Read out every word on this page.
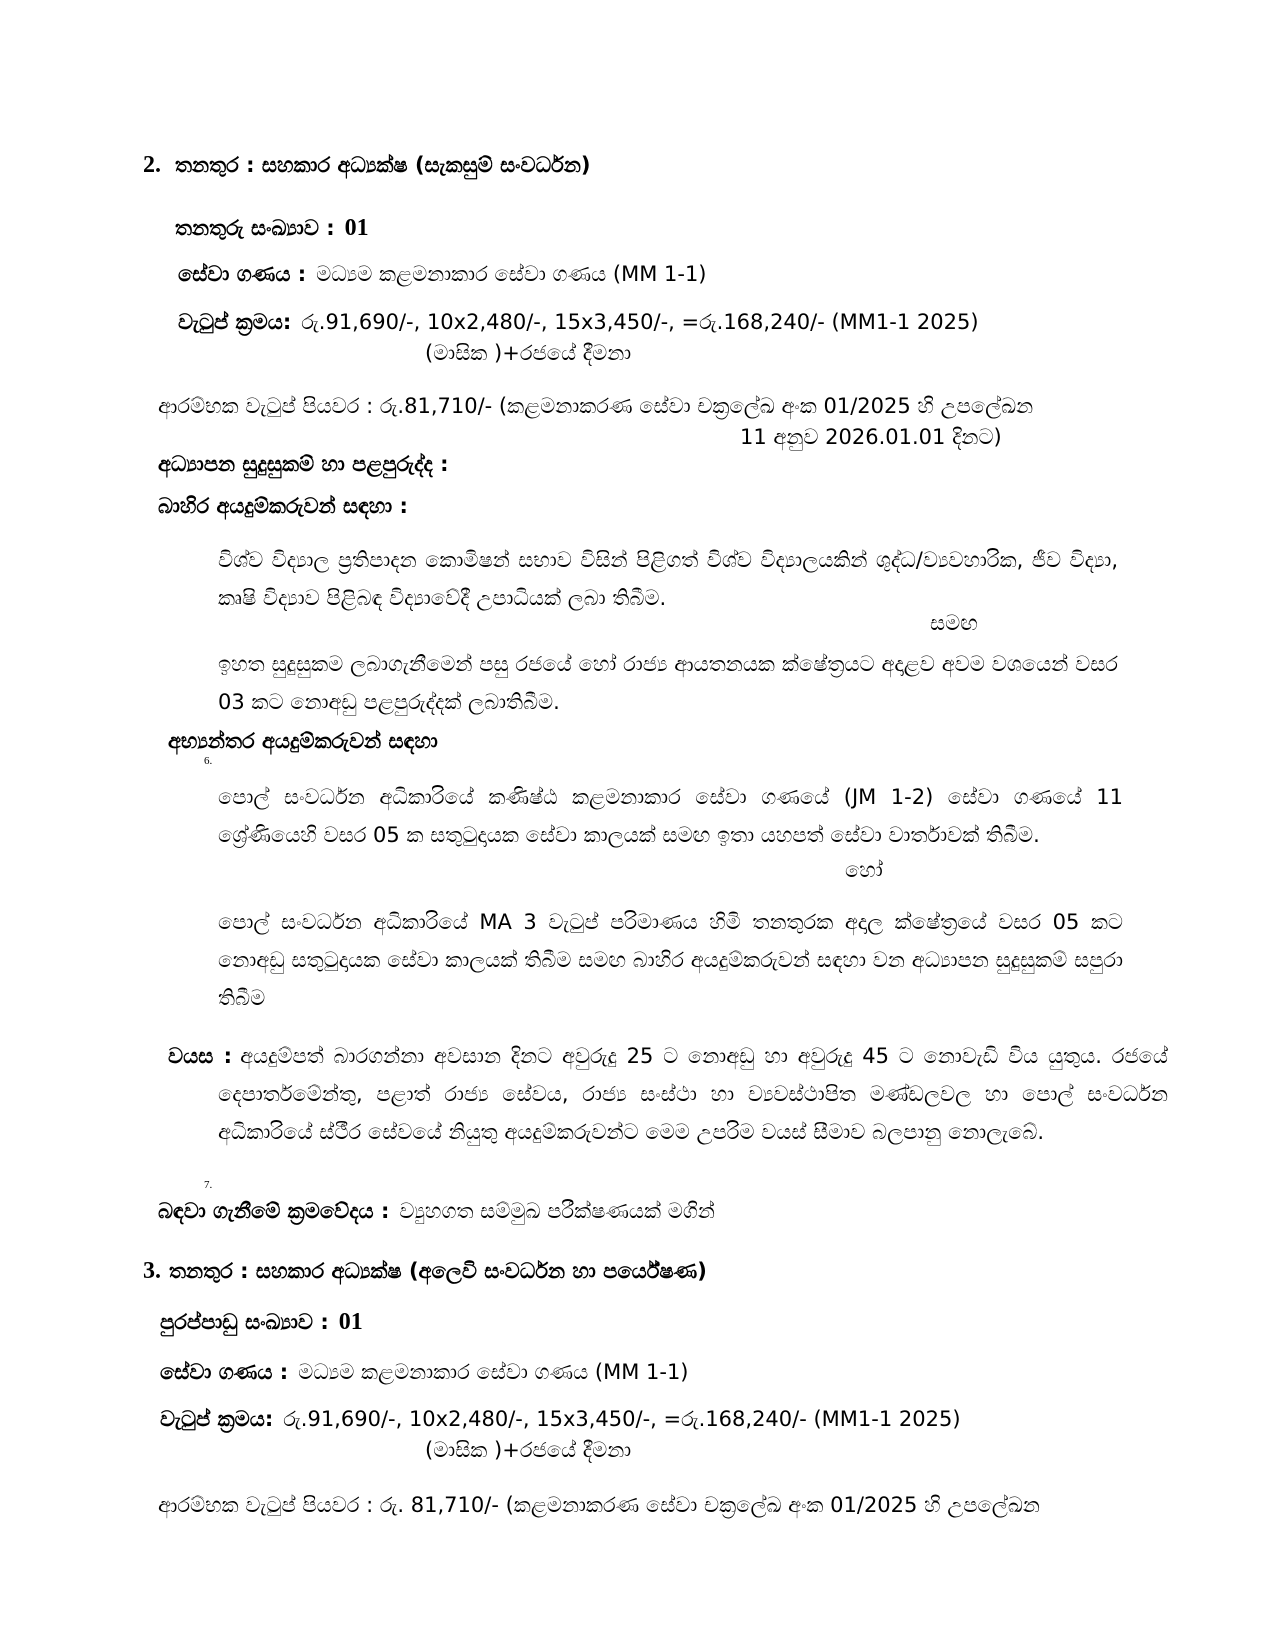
2. තනතුර : සහකාර අධ්‍යක්ෂ (සැකසුම් සංවර්ධන)
තනතුරු සංඛ්‍යාව : 01
සේවා ගණය : මධ්‍යම කළමනාකාර සේවා ගණය (MM 1-1)
වැටුප් ක්‍රමය: රු.91,690/-, 10x2,480/-, 15x3,450/-, =රු.168,240/- (MM1-1 2025)
(මාසික )+රජයේ දීමනා
ආරම්භක වැටුප් පියවර : රු.81,710/- (කළමනාකරණ සේවා චක්‍රලේඛ අංක 01/2025 හි උපලේඛන
11 අනුව 2026.01.01 දිනට)
අධ්‍යාපන සුදුසුකම් හා පළපුරුද්ද :
බාහිර අයදුම්කරුවන් සඳහා :
විශ්ව විද්‍යාල ප්‍රතිපාදන කොමිෂන් සභාව විසින් පිළිගත් විශ්ව විද්‍යාලයකින් ශුද්ධ/ව්‍යවහාරික, ජීව විද්‍යා, කෘෂි විද්‍යාව පිළිබඳ විද්‍යාවේදී උපාධියක් ලබා තිබීම.
සමඟ
ඉහත සුදුසුකම ලබාගැනීමෙන් පසු රජයේ හෝ රාජ්‍ය ආයතනයක ක්ෂේත්‍රයට අදාළව අවම වශයෙන් වසර 03 කට නොඅඩු පළපුරුද්දක් ලබාතිබීම.
අභ්‍යන්තර අයදුම්කරුවන් සඳහා
6.
පොල් සංවර්ධන අධිකාරියේ කණිෂ්ඨ කළමනාකාර සේවා ගණයේ (JM 1-2) සේවා ගණයේ 11 ශ්‍රේණියෙහි වසර 05 ක සතුටුදායක සේවා කාලයක් සමඟ ඉතා යහපත් සේවා වාර්තාවක් තිබීම.
හෝ
පොල් සංවර්ධන අධිකාරියේ MA 3 වැටුප් පරිමාණය හිමි තනතුරක අදාල ක්ෂේත්‍රයේ වසර 05 කට නොඅඩු සතුටුදායක සේවා කාලයක් තිබීම සමඟ බාහිර අයදුම්කරුවන් සඳහා වන අධ්‍යාපන සුදුසුකම් සපුරා තිබීම
වයස : අයදුම්පත් බාරගන්නා අවසාන දිනට අවුරුදු 25 ට නොඅඩු හා අවුරුදු 45 ට නොවැඩි විය යුතුය. රජයේ දෙපාර්තමේන්තු, පළාත් රාජ්‍ය සේවය, රාජ්‍ය සංස්ථා හා ව්‍යවස්ථාපිත මණ්ඩලවල හා පොල් සංවර්ධන අධිකාරියේ ස්ථීර සේවයේ නියුතු අයදුම්කරුවන්ට මෙම උපරිම වයස් සීමාව බලපානු නොලැබේ.
7.
බඳවා ගැනීමේ ක්‍රමවේදය : ව්‍යුහගත සම්මුඛ පරීක්ෂණයක් මගින්
3. තනතුර : සහකාර අධ්‍යක්ෂ (අලෙවි සංවර්ධන හා පර්යේෂණ)
පුරප්පාඩු සංඛ්‍යාව : 01
සේවා ගණය : මධ්‍යම කළමනාකාර සේවා ගණය (MM 1-1)
වැටුප් ක්‍රමය: රු.91,690/-, 10x2,480/-, 15x3,450/-, =රු.168,240/- (MM1-1 2025)
(මාසික )+රජයේ දීමනා
ආරම්භක වැටුප් පියවර : රු. 81,710/- (කළමනාකරණ සේවා චක්‍රලේඛ අංක 01/2025 හි උපලේඛන
